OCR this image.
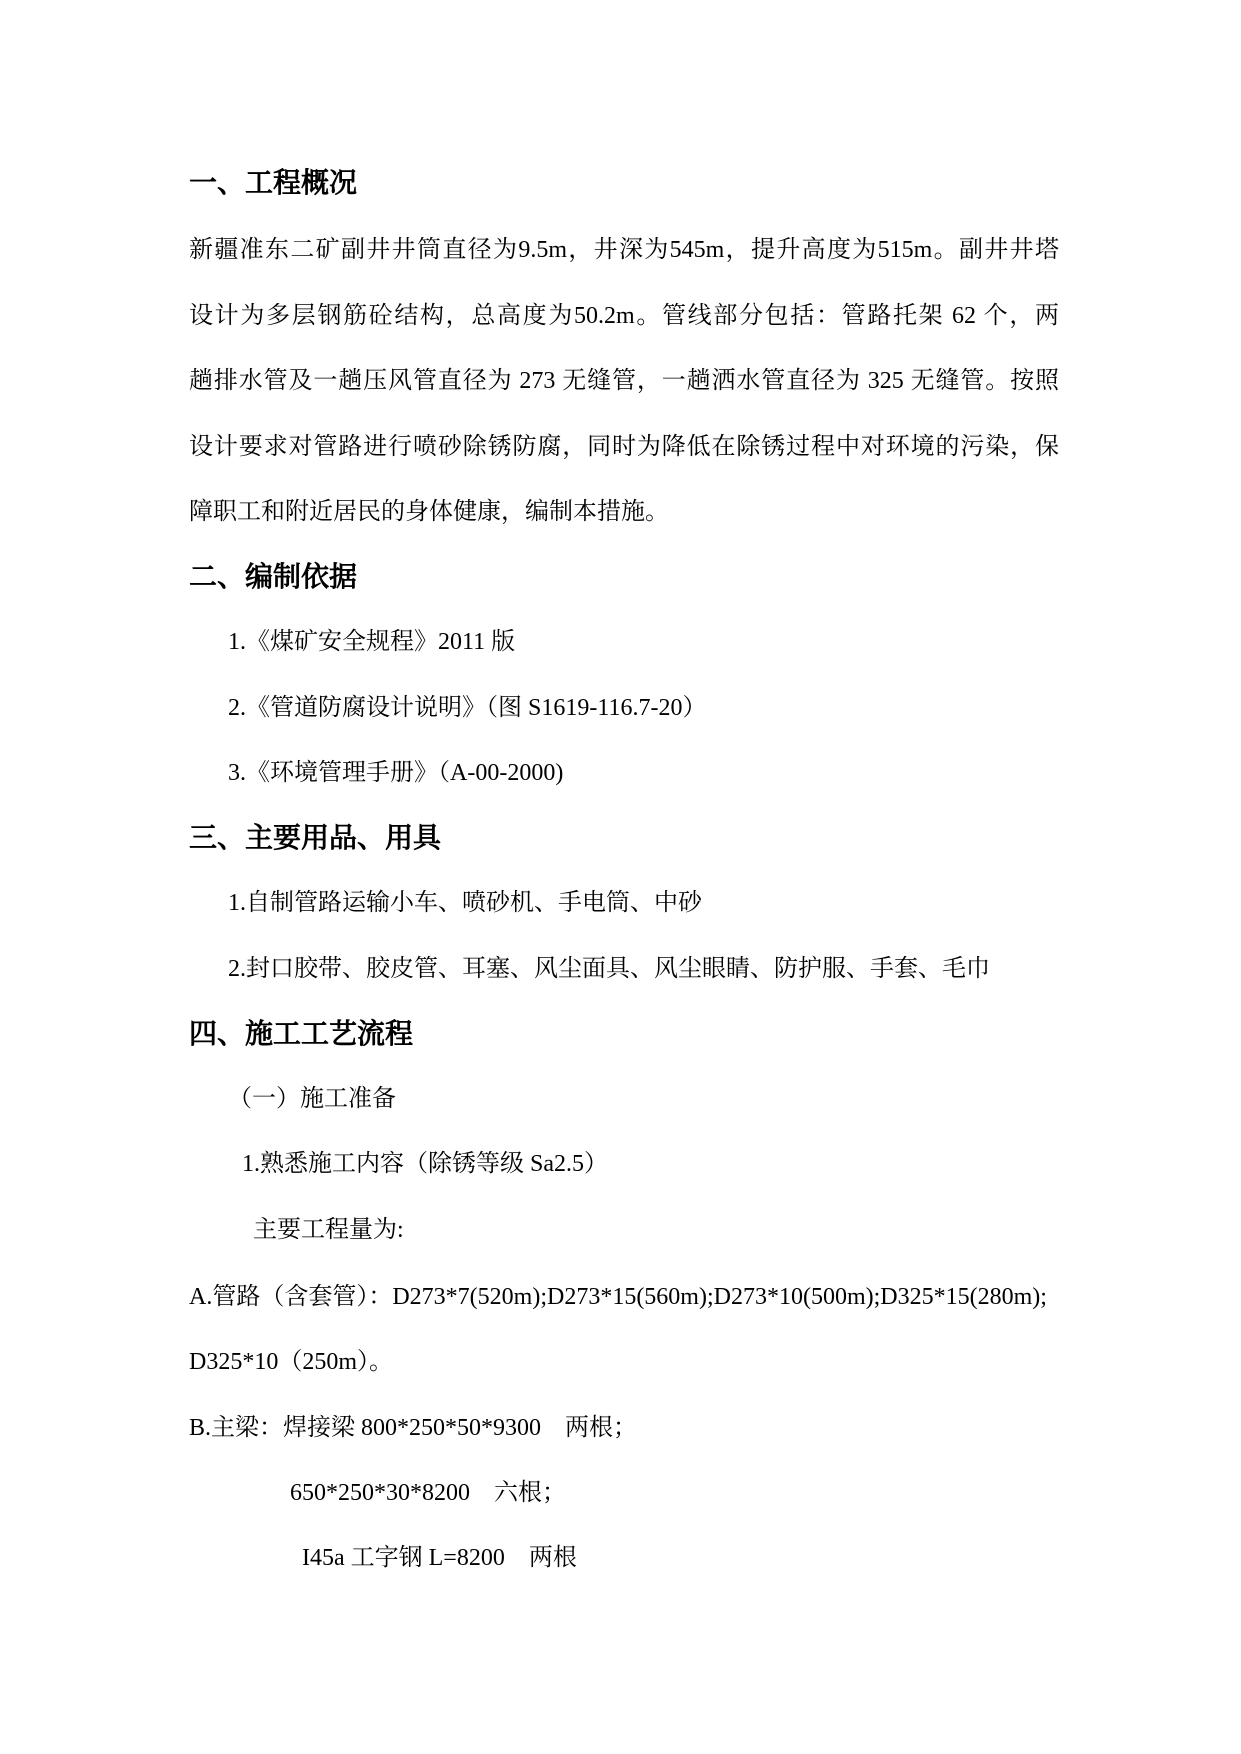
一、工程概况
新疆准东二矿副井井筒直径为9.5m，井深为545m，提升高度为515m。副井井塔
设计为多层钢筋砼结构，总高度为50.2m。管线部分包括：管路托架 62 个，两
趟排水管及一趟压风管直径为 273 无缝管，一趟洒水管直径为 325 无缝管。按照
设计要求对管路进行喷砂除锈防腐，同时为降低在除锈过程中对环境的污染，保
障职工和附近居民的身体健康，编制本措施。
二、编制依据
1.《煤矿安全规程》2011 版
2.《管道防腐设计说明》（图 S1619-116.7-20）
3.《环境管理手册》（A-00-2000)
三、主要用品、用具
1.自制管路运输小车、喷砂机、手电筒、中砂
2.封口胶带、胶皮管、耳塞、风尘面具、风尘眼睛、防护服、手套、毛巾
四、施工工艺流程
（一）施工准备
1.熟悉施工内容（除锈等级 Sa2.5）
主要工程量为:
A.管路（含套管）：D273*7(520m);D273*15(560m);D273*10(500m);D325*15(280m);
D325*10（250m）。
B.主梁：焊接梁 800*250*50*9300    两根；
650*250*30*8200    六根；
I45a 工字钢 L=8200    两根
